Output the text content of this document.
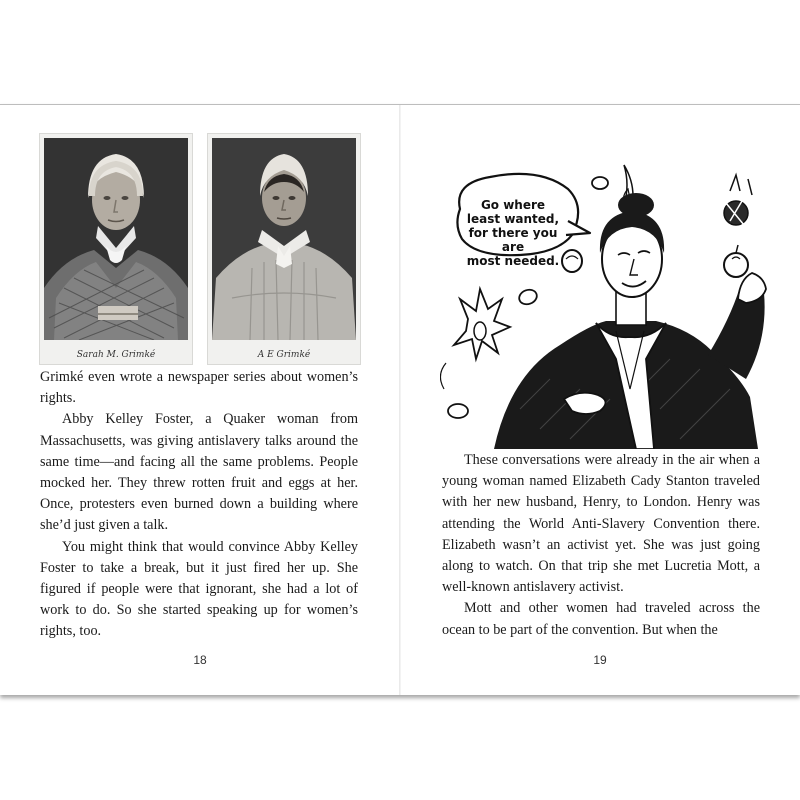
Sarah M. Grimké	A E Grimké

Grimké even wrote a newspaper series about women’s rights.

Abby Kelley Foster, a Quaker woman from Massachusetts, was giving antislavery talks around the same time—and facing all the same problems. People mocked her. They threw rotten fruit and eggs at her. Once, protesters even burned down a building where she’d just given a talk.

You might think that would convince Abby Kelley Foster to take a break, but it just fired her up. She figured if people were that ignorant, she had a lot of work to do. So she started speaking up for women’s rights, too.

18
Go where
least wanted,
for there you are
most needed.

These conversations were already in the air when a young woman named Elizabeth Cady Stanton traveled with her new husband, Henry, to London. Henry was attending the World Anti-Slavery Convention there. Elizabeth wasn’t an activist yet. She was just going along to watch. On that trip she met Lucretia Mott, a well-known antislavery activist.

Mott and other women had traveled across the ocean to be part of the convention. But when the

19
